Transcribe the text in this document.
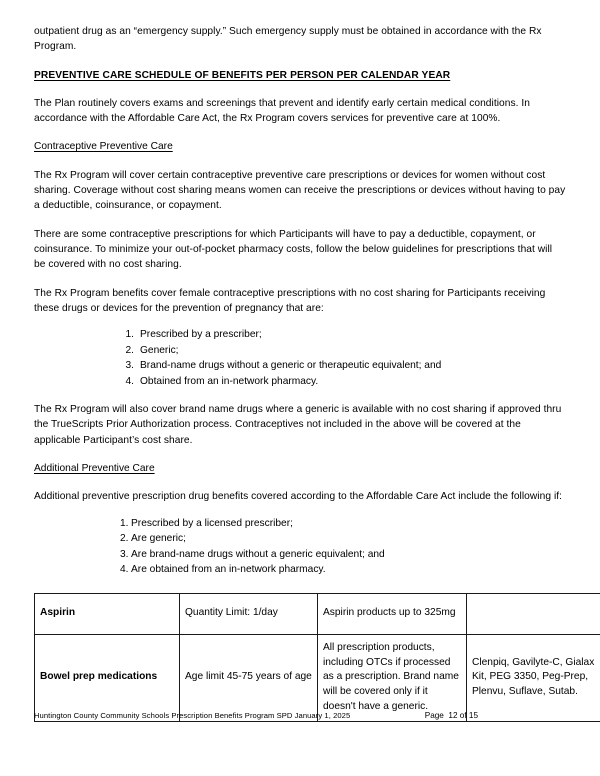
outpatient drug as an “emergency supply.” Such emergency supply must be obtained in accordance with the Rx Program.

PREVENTIVE CARE SCHEDULE OF BENEFITS PER PERSON PER CALENDAR YEAR

The Plan routinely covers exams and screenings that prevent and identify early certain medical conditions. In accordance with the Affordable Care Act, the Rx Program covers services for preventive care at 100%.

Contraceptive Preventive Care

The Rx Program will cover certain contraceptive preventive care prescriptions or devices for women without cost sharing. Coverage without cost sharing means women can receive the prescriptions or devices without having to pay a deductible, coinsurance, or copayment.

There are some contraceptive prescriptions for which Participants will have to pay a deductible, copayment, or coinsurance. To minimize your out-of-pocket pharmacy costs, follow the below guidelines for prescriptions that will be covered with no cost sharing.

The Rx Program benefits cover female contraceptive prescriptions with no cost sharing for Participants receiving these drugs or devices for the prevention of pregnancy that are:

1. Prescribed by a prescriber;
2. Generic;
3. Brand-name drugs without a generic or therapeutic equivalent; and
4. Obtained from an in-network pharmacy.

The Rx Program will also cover brand name drugs where a generic is available with no cost sharing if approved thru the TrueScripts Prior Authorization process. Contraceptives not included in the above will be covered at the applicable Participant’s cost share.

Additional Preventive Care

Additional preventive prescription drug benefits covered according to the Affordable Care Act include the following if:

1. Prescribed by a licensed prescriber;
2. Are generic;
3. Are brand-name drugs without a generic equivalent; and
4. Are obtained from an in-network pharmacy.
Aspirin	Quantity Limit: 1/day	Aspirin products up to 325mg	
Bowel prep medications	Age limit 45-75 years of age	All prescription products, including OTCs if processed as a prescription. Brand name will be covered only if it doesn't have a generic.	Clenpiq, Gavilyte-C, Gialax Kit, PEG 3350, Peg-Prep, Plenvu, Suflave, Sutab.
Huntington County Community Schools Prescription Benefits Program SPD January 1, 2025	Page  12 of 15
